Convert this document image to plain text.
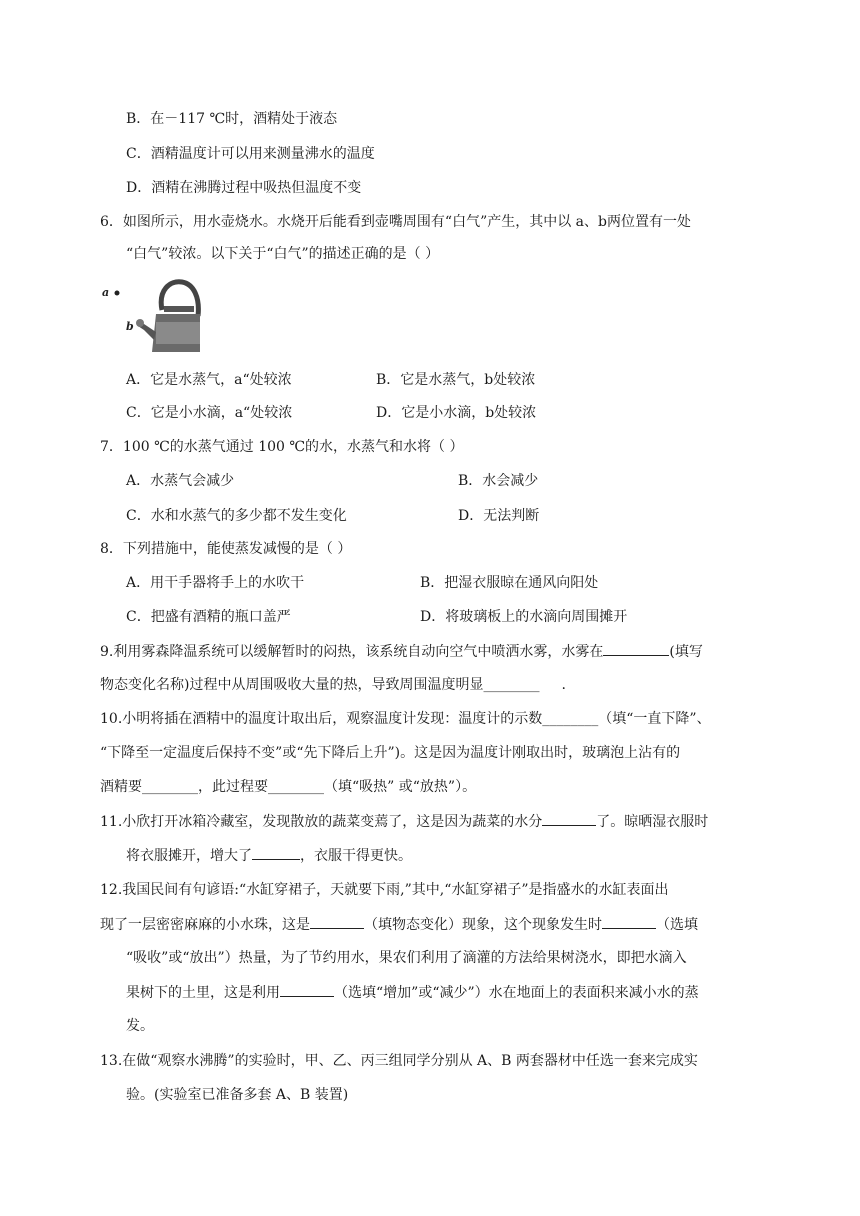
B．在－117 ℃时，酒精处于液态
C．酒精温度计可以用来测量沸水的温度
D．酒精在沸腾过程中吸热但温度不变
6．如图所示，用水壶烧水。水烧开后能看到壶嘴周围有“白气”产生，其中以 a、b两位置有一处
“白气”较浓。以下关于“白气”的描述正确的是（ ）
a
b
A．它是水蒸气，a“处较浓	B．它是水蒸气，b处较浓
C．它是小水滴，a“处较浓	D．它是小水滴，b处较浓
7．100 ℃的水蒸气通过 100 ℃的水，水蒸气和水将（ ）
A．水蒸气会减少	B．水会减少
C．水和水蒸气的多少都不发生变化	D．无法判断
8．下列措施中，能使蒸发减慢的是（ ）
A．用干手器将手上的水吹干	B．把湿衣服晾在通风向阳处
C．把盛有酒精的瓶口盖严	D．将玻璃板上的水滴向周围摊开
9.利用雾森降温系统可以缓解暂时的闷热，该系统自动向空气中喷洒水雾，水雾在	(填写
物态变化名称)过程中从周围吸收大量的热，导致周围温度明显________ .
10.小明将插在酒精中的温度计取出后，观察温度计发现：温度计的示数________（填“一直下降”、
“下降至一定温度后保持不变”或“先下降后上升”)。这是因为温度计刚取出时，玻璃泡上沾有的
酒精要________，此过程要________（填“吸热” 或“放热”）。
11.小欣打开冰箱冷藏室，发现散放的蔬菜变蔫了，这是因为蔬菜的水分	了。晾晒湿衣服时
将衣服摊开，增大了	，衣服干得更快。
12.我国民间有句谚语:“水缸穿裙子，天就要下雨,”其中,“水缸穿裙子”是指盛水的水缸表面出
现了一层密密麻麻的小水珠，这是	（填物态变化）现象，这个现象发生时	（选填
“吸收”或“放出”）热量，为了节约用水，果农们利用了滴灌的方法给果树浇水，即把水滴入
果树下的土里，这是利用	（选填“增加”或“减少”）水在地面上的表面积来减小水的蒸
发。
13.在做“观察水沸腾”的实验时，甲、乙、丙三组同学分别从 A、B 两套器材中任选一套来完成实
验。(实验室已准备多套 A、B 装置)
